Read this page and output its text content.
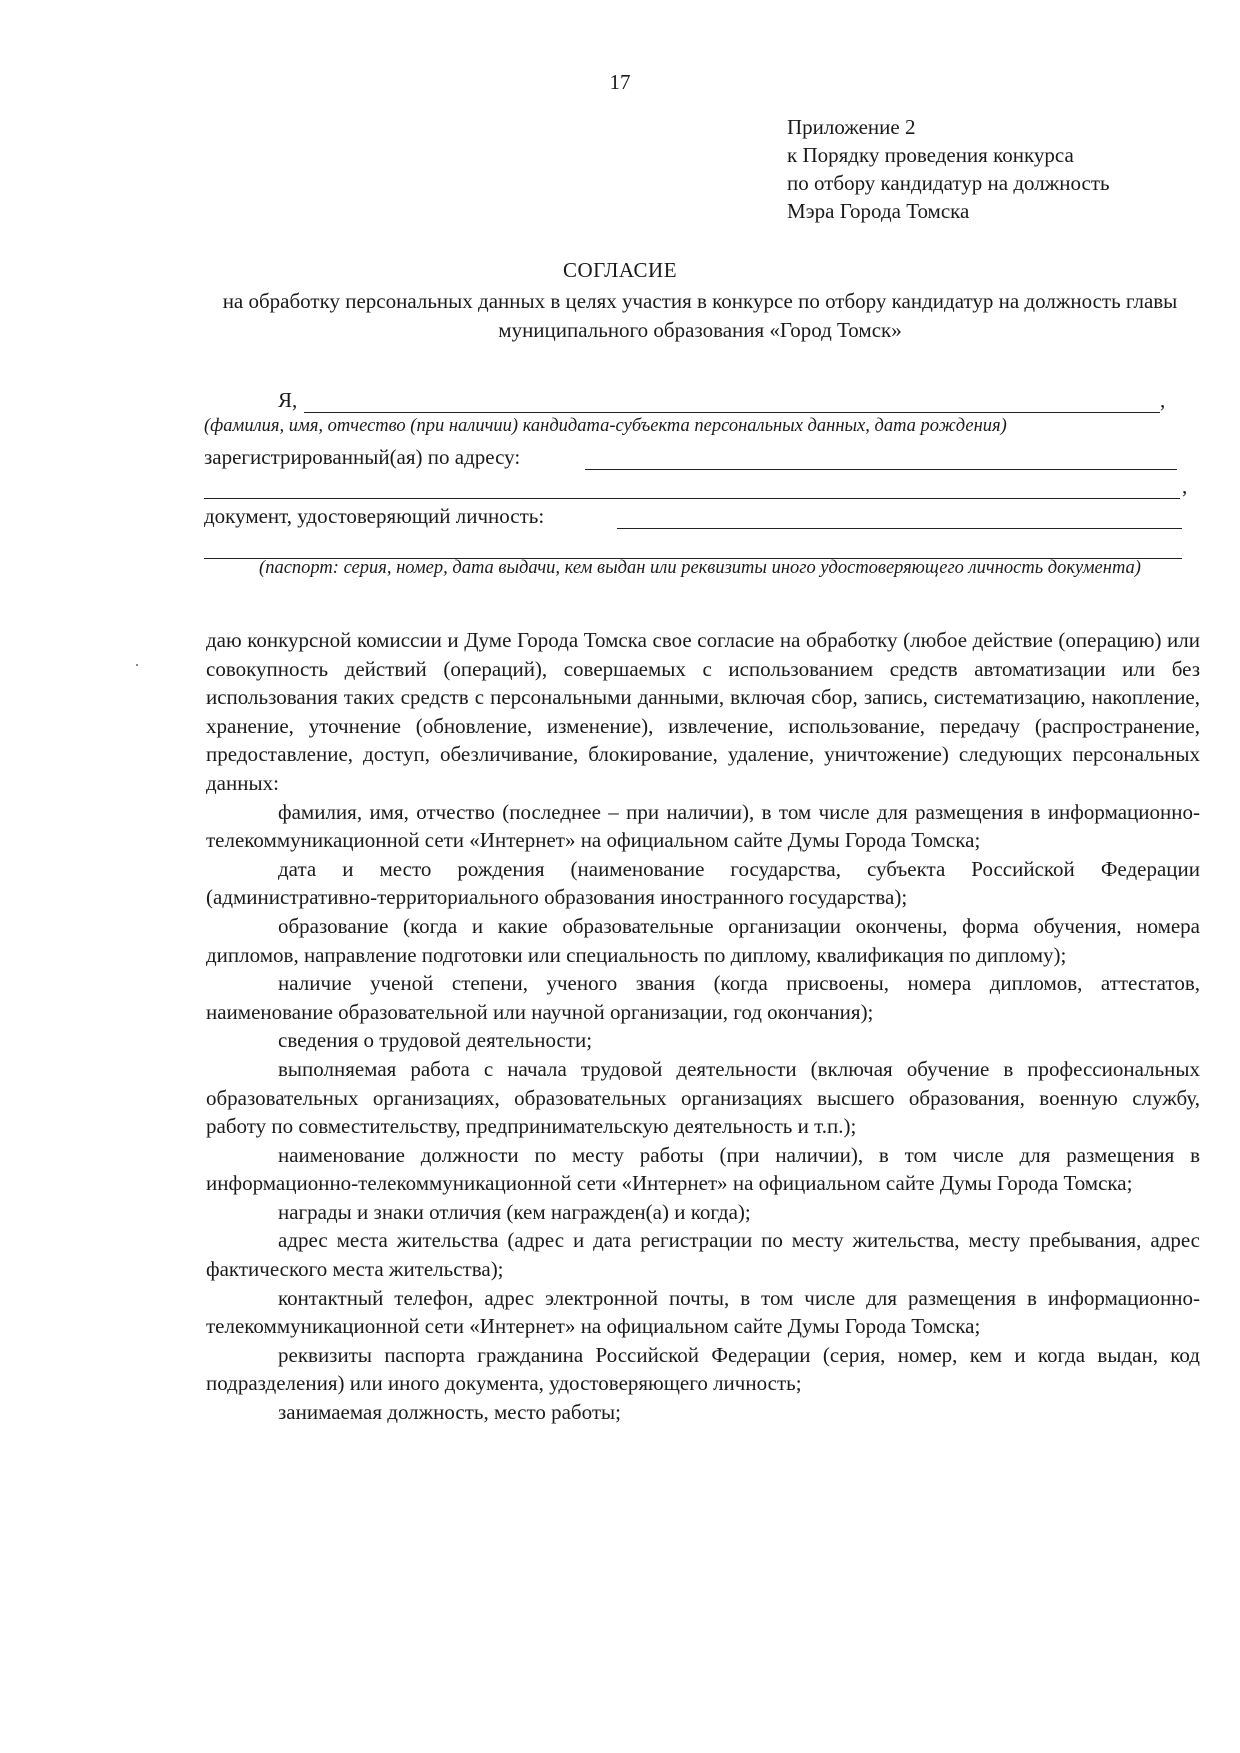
17
Приложение 2
к Порядку проведения конкурса
по отбору кандидатур на должность
Мэра Города Томска
СОГЛАСИЕ
на обработку персональных данных в целях участия в конкурсе по отбору кандидатур на должность главы муниципального образования «Город Томск»
Я,	,
(фамилия, имя, отчество (при наличии) кандидата-субъекта персональных данных, дата рождения)
зарегистрированный(ая) по адресу:
,
документ, удостоверяющий личность:
(паспорт: серия, номер, дата выдачи, кем выдан или реквизиты иного удостоверяющего личность документа)

даю конкурсной комиссии и Думе Города Томска свое согласие на обработку (любое действие (операцию) или совокупность действий (операций), совершаемых с использованием средств автоматизации или без использования таких средств с персональными данными, включая сбор, запись, систематизацию, накопление, хранение, уточнение (обновление, изменение), извлечение, использование, передачу (распространение, предоставление, доступ, обезличивание, блокирование, удаление, уничтожение) следующих персональных данных:

фамилия, имя, отчество (последнее – при наличии), в том числе для размещения в информационно-телекоммуникационной сети «Интернет» на официальном сайте Думы Города Томска;

дата и место рождения (наименование государства, субъекта Российской Федерации (административно-территориального образования иностранного государства);

образование (когда и какие образовательные организации окончены, форма обучения, номера дипломов, направление подготовки или специальность по диплому, квалификация по диплому);

наличие ученой степени, ученого звания (когда присвоены, номера дипломов, аттестатов, наименование образовательной или научной организации, год окончания);

сведения о трудовой деятельности;

выполняемая работа с начала трудовой деятельности (включая обучение в профессиональных образовательных организациях, образовательных организациях высшего образования, военную службу, работу по совместительству, предпринимательскую деятельность и т.п.);

наименование должности по месту работы (при наличии), в том числе для размещения в информационно-телекоммуникационной сети «Интернет» на официальном сайте Думы Города Томска;

награды и знаки отличия (кем награжден(а) и когда);

адрес места жительства (адрес и дата регистрации по месту жительства, месту пребывания, адрес фактического места жительства);

контактный телефон, адрес электронной почты, в том числе для размещения в информационно-телекоммуникационной сети «Интернет» на официальном сайте Думы Города Томска;

реквизиты паспорта гражданина Российской Федерации (серия, номер, кем и когда выдан, код подразделения) или иного документа, удостоверяющего личность;

занимаемая должность, место работы;
